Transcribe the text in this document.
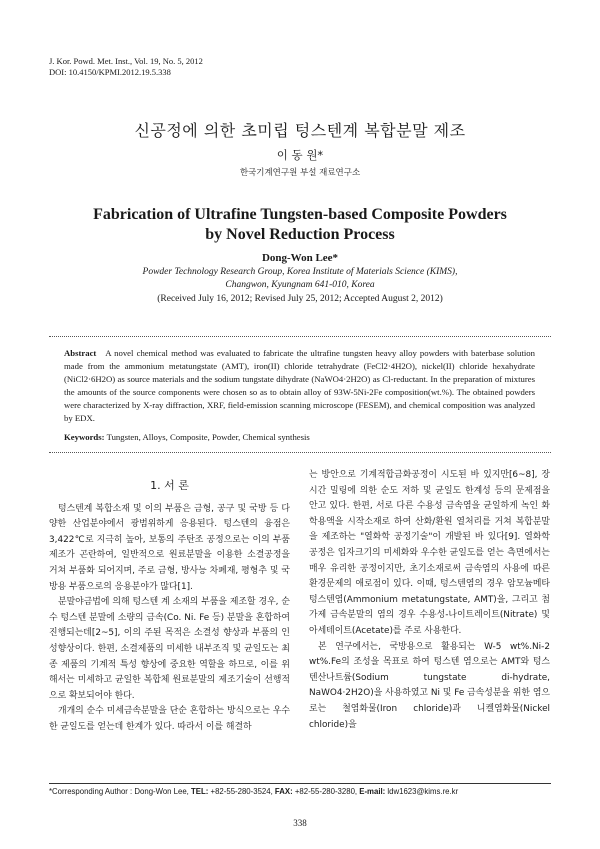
J. Kor. Powd. Met. Inst., Vol. 19, No. 5, 2012
DOI: 10.4150/KPMI.2012.19.5.338
신공정에 의한 초미립 텅스텐계 복합분말 제조
이 동 원*
한국기계연구원 부설 재료연구소
Fabrication of Ultrafine Tungsten-based Composite Powders
by Novel Reduction Process
Dong-Won Lee*
Powder Technology Research Group, Korea Institute of Materials Science (KIMS),
Changwon, Kyungnam 641-010, Korea
(Received July 16, 2012; Revised July 25, 2012; Accepted August 2, 2012)
Abstract A novel chemical method was evaluated to fabricate the ultrafine tungsten heavy alloy powders with baterbase solution made from the ammonium metatungstate (AMT), iron(II) chloride tetrahydrate (FeCl2·4H2O), nickel(II) chloride hexahydrate (NiCl2·6H2O) as source materials and the sodium tungstate dihydrate (NaWO4·2H2O) as Cl-reductant. In the preparation of mixtures the amounts of the source components were chosen so as to obtain alloy of 93W-5Ni-2Fe composition(wt.%). The obtained powders were characterized by X-ray diffraction, XRF, field-emission scanning microscope (FESEM), and chemical composition was analyzed by EDX.
Keywords: Tungsten, Alloys, Composite, Powder, Chemical synthesis
1. 서 론

텅스텐계 복합소재 및 이의 부품은 금형, 공구 및 국방 등 다양한 산업분야에서 광범위하게 응용된다. 텅스텐의 융점은 3,422℃로 지극히 높아, 보통의 주탄조 공정으로는 이의 부품제조가 곤란하여, 일반적으로 원료분말을 이용한 소결공정을 거쳐 부품화 되어지며, 주로 금형, 방사능 차폐재, 평형추 및 국방용 부품으로의 응용분야가 많다[1].

분말야금법에 의해 텅스텐 계 소재의 부품을 제조할 경우, 순수 텅스텐 분말에 소량의 금속(Co. Ni. Fe 등) 분말을 혼합하여 진행되는데[2~5], 이의 주된 목적은 소결성 향상과 부품의 인성향상이다. 한편, 소결제품의 미세한 내부조직 및 균일도는 최종 제품의 기계적 특성 향상에 중요한 역할을 하므로, 이를 위해서는 미세하고 균일한 복합체 원료분말의 제조기술이 선행적으로 확보되어야 한다.

개개의 순수 미세금속분말을 단순 혼합하는 방식으로는 우수한 균일도를 얻는데 한계가 있다. 따라서 이를 해결하

는 방안으로 기계적합금화공정이 시도된 바 있지만[6~8], 장시간 밀링에 의한 순도 저하 및 균일도 한계성 등의 문제점을 안고 있다. 한편, 서로 다른 수용성 금속염을 균일하게 녹인 화학용액을 시작소재로 하여 산화/환원 열처리를 거쳐 복합분말을 제조하는 "열화학 공정기술"이 개발된 바 있다[9]. 열화학 공정은 입자크기의 미세화와 우수한 균일도를 얻는 측면에서는 매우 유리한 공정이지만, 초기소재로써 금속염의 사용에 따른 환경문제의 애로점이 있다. 이때, 텅스텐염의 경우 암모늄메타텅스텐염(Ammonium metatungstate, AMT)을, 그리고 첨가제 금속분말의 염의 경우 수용성-나이트레이트(Nitrate) 및 아세테이트(Acetate)를 주로 사용한다.

본 연구에서는, 국방용으로 활용되는 W-5 wt%.Ni-2 wt%.Fe의 조성을 목표로 하여 텅스텐 염으로는 AMT와 텅스텐산나트륨(Sodium tungstate di-hydrate, NaWO4·2H2O)을 사용하였고 Ni 및 Fe 금속성분을 위한 염으로는 철염화물(Iron chloride)과 니켈염화물(Nickel chloride)을

*Corresponding Author : Dong-Won Lee, TEL: +82-55-280-3524, FAX: +82-55-280-3280, E-mail: ldw1623@kims.re.kr
338
